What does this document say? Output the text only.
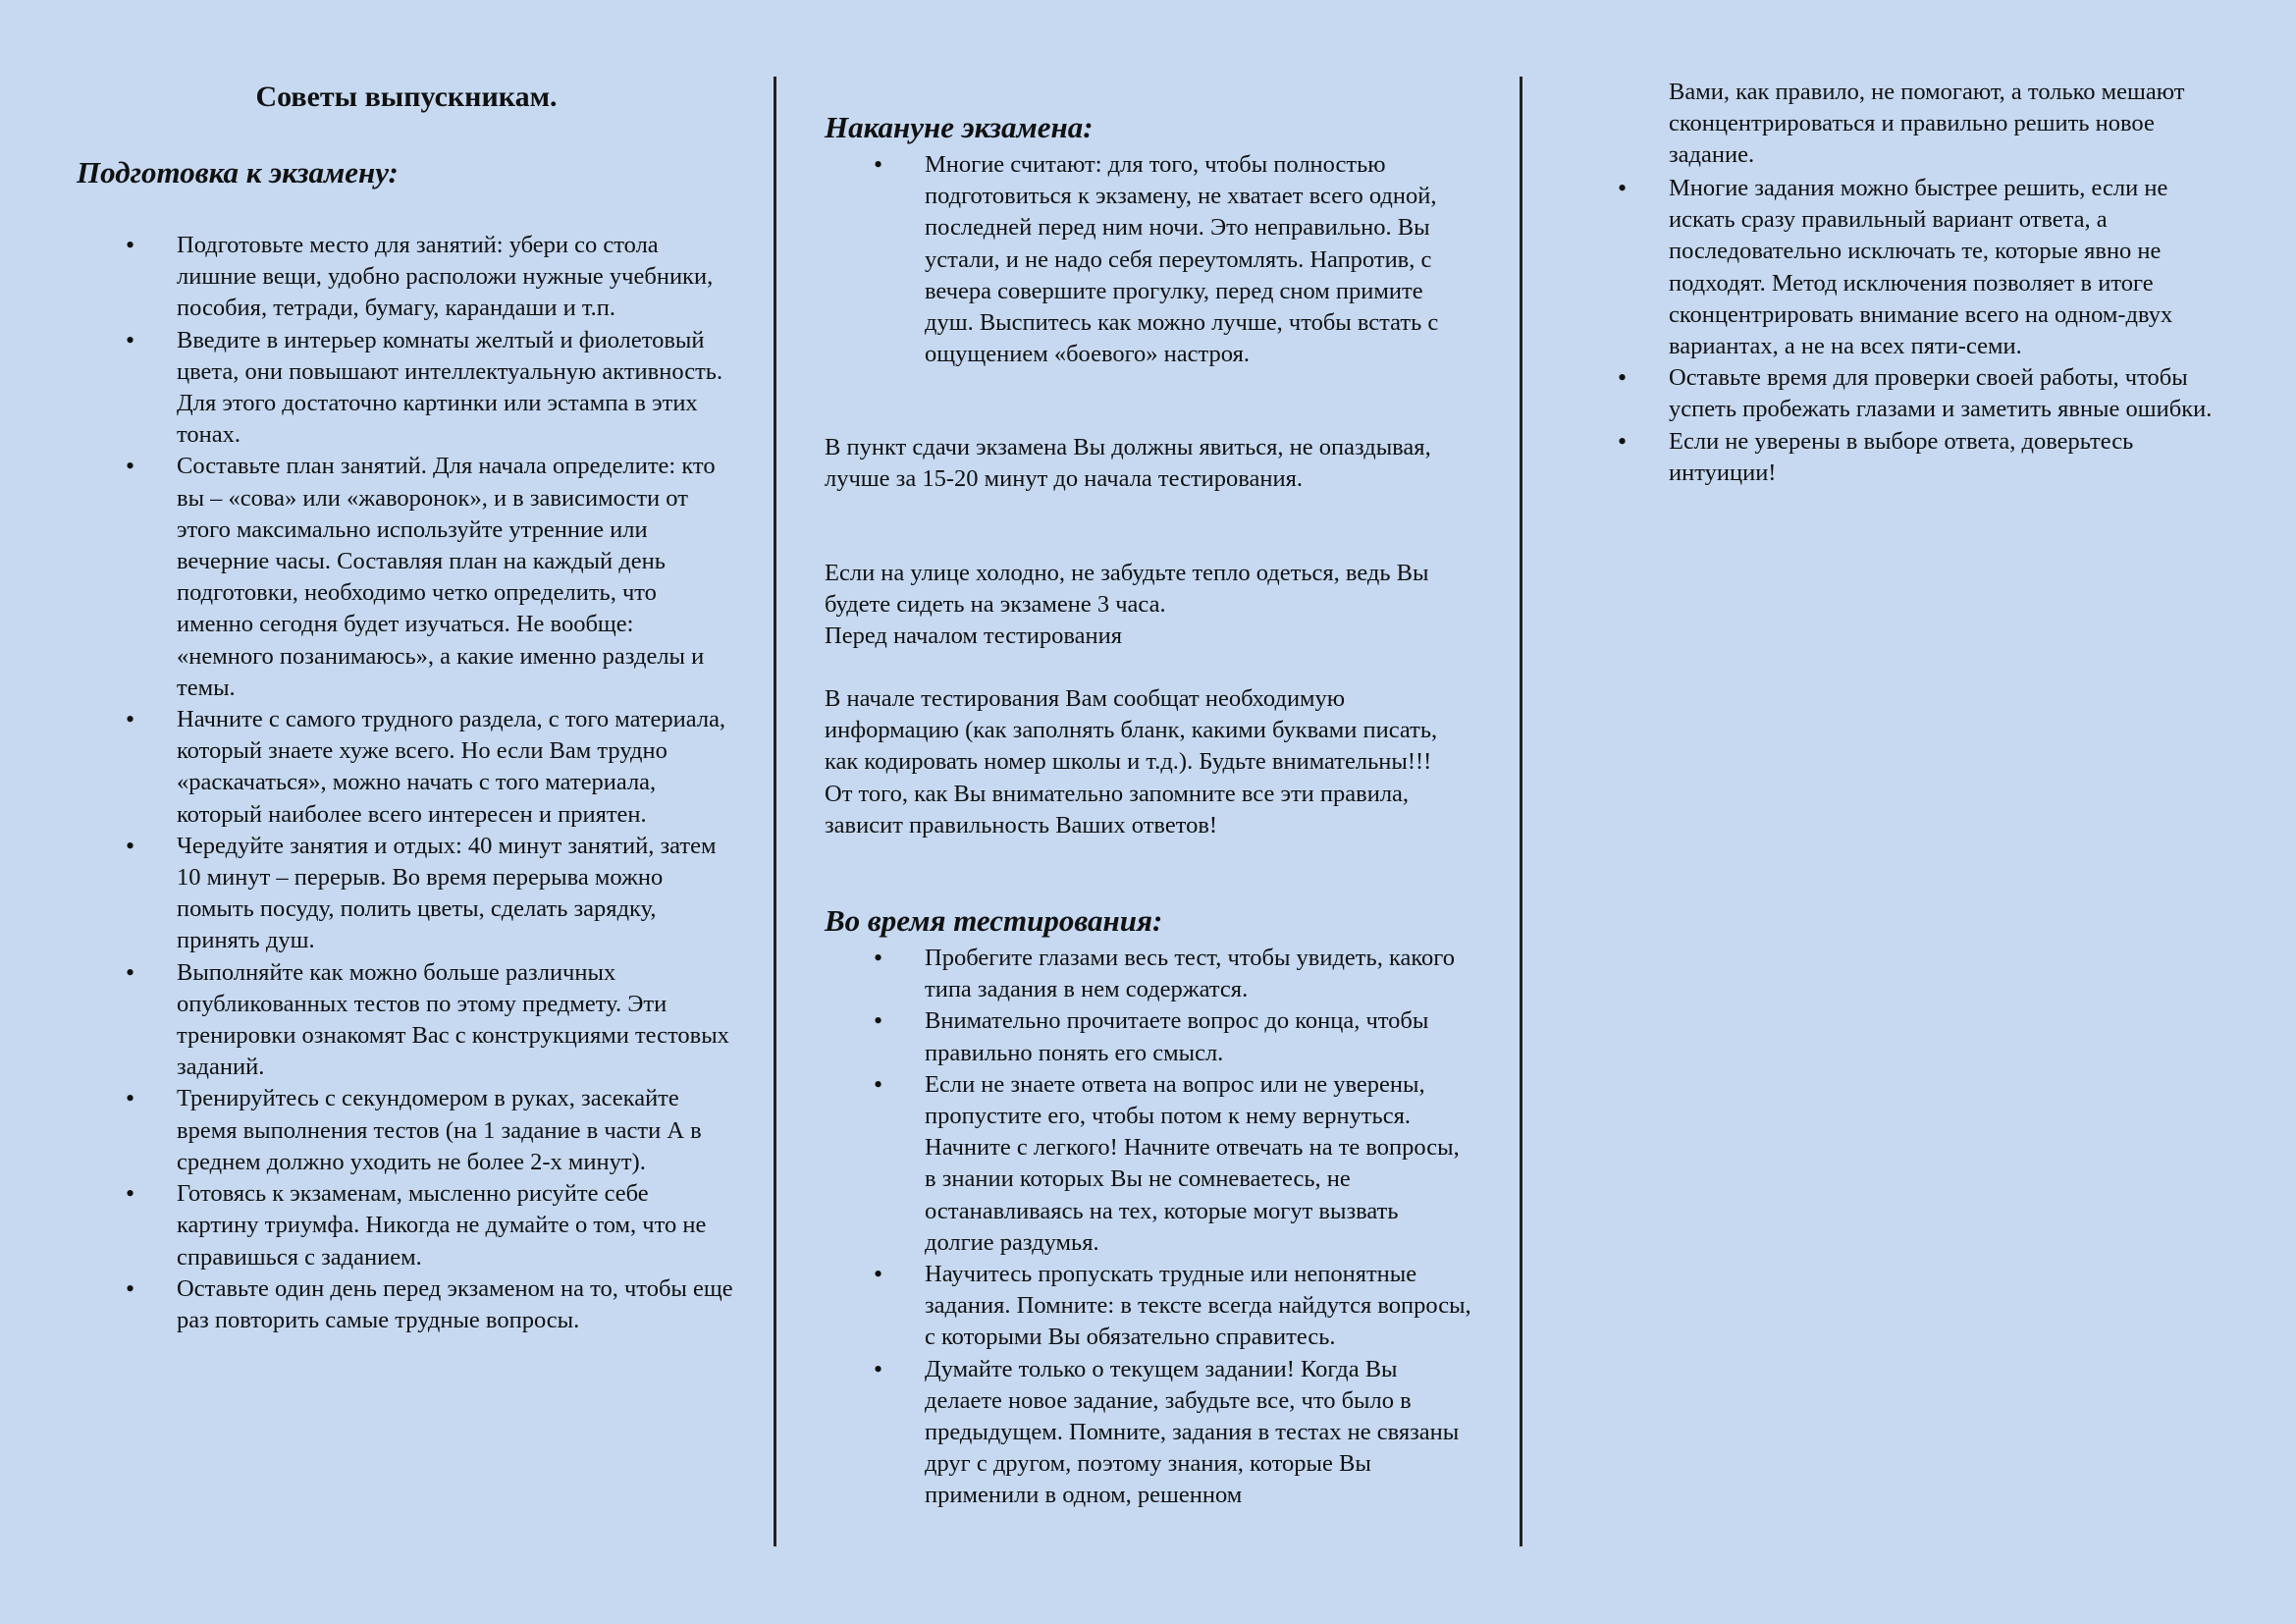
Советы выпускникам.
Подготовка к экзамену:
• Подготовьте место для занятий: убери со стола лишние вещи, удобно расположи нужные учебники, пособия, тетради, бумагу, карандаши и т.п.
• Введите в интерьер комнаты желтый и фиолетовый цвета, они повышают интеллектуальную активность. Для этого достаточно картинки или эстампа в этих тонах.
• Составьте план занятий. Для начала определите: кто вы – «сова» или «жаворонок», и в зависимости от этого максимально используйте утренние или вечерние часы. Составляя план на каждый день подготовки, необходимо четко определить, что именно сегодня будет изучаться. Не вообще: «немного позанимаюсь», а какие именно разделы и темы.
• Начните с самого трудного раздела, с того материала, который знаете хуже всего. Но если Вам трудно «раскачаться», можно начать с того материала, который наиболее всего интересен и приятен.
• Чередуйте занятия и отдых: 40 минут занятий, затем 10 минут – перерыв. Во время перерыва можно помыть посуду, полить цветы, сделать зарядку, принять душ.
• Выполняйте как можно больше различных опубликованных тестов по этому предмету. Эти тренировки ознакомят Вас с конструкциями тестовых заданий.
• Тренируйтесь с секундомером в руках, засекайте время выполнения тестов (на 1 задание в части А в среднем должно уходить не более 2-х минут).
• Готовясь к экзаменам, мысленно рисуйте себе картину триумфа. Никогда не думайте о том, что не справишься с заданием.
• Оставьте один день перед экзаменом на то, чтобы еще раз повторить самые трудные вопросы.
Накануне экзамена:
• Многие считают: для того, чтобы полностью подготовиться к экзамену, не хватает всего одной, последней перед ним ночи. Это неправильно. Вы устали, и не надо себя переутомлять. Напротив, с вечера совершите прогулку, перед сном примите душ. Выспитесь как можно лучше, чтобы встать с ощущением «боевого» настроя.

В пункт сдачи экзамена Вы должны явиться, не опаздывая, лучше за 15-20 минут до начала тестирования.

Если на улице холодно, не забудьте тепло одеться, ведь Вы будете сидеть на экзамене 3 часа.

Перед началом тестирования

В начале тестирования Вам сообщат необходимую информацию (как заполнять бланк, какими буквами писать, как кодировать номер школы и т.д.). Будьте внимательны!!! От того, как Вы внимательно запомните все эти правила, зависит правильность Ваших ответов!

Во время тестирования:
• Пробегите глазами весь тест, чтобы увидеть, какого типа задания в нем содержатся.
• Внимательно прочитаете вопрос до конца, чтобы правильно понять его смысл.
• Если не знаете ответа на вопрос или не уверены, пропустите его, чтобы потом к нему вернуться. Начните с легкого! Начните отвечать на те вопросы, в знании которых Вы не сомневаетесь, не останавливаясь на тех, которые могут вызвать долгие раздумья.
• Научитесь пропускать трудные или непонятные задания. Помните: в тексте всегда найдутся вопросы, с которыми Вы обязательно справитесь.
• Думайте только о текущем задании! Когда Вы делаете новое задание, забудьте все, что было в предыдущем. Помните, задания в тестах не связаны друг с другом, поэтому знания, которые Вы применили в одном, решенном
Вами, как правило, не помогают, а только мешают сконцентрироваться и правильно решить новое задание.
• Многие задания можно быстрее решить, если не искать сразу правильный вариант ответа, а последовательно исключать те, которые явно не подходят. Метод исключения позволяет в итоге сконцентрировать внимание всего на одном-двух вариантах, а не на всех пяти-семи.
• Оставьте время для проверки своей работы, чтобы успеть пробежать глазами и заметить явные ошибки.
• Если не уверены в выборе ответа, доверьтесь интуиции!
